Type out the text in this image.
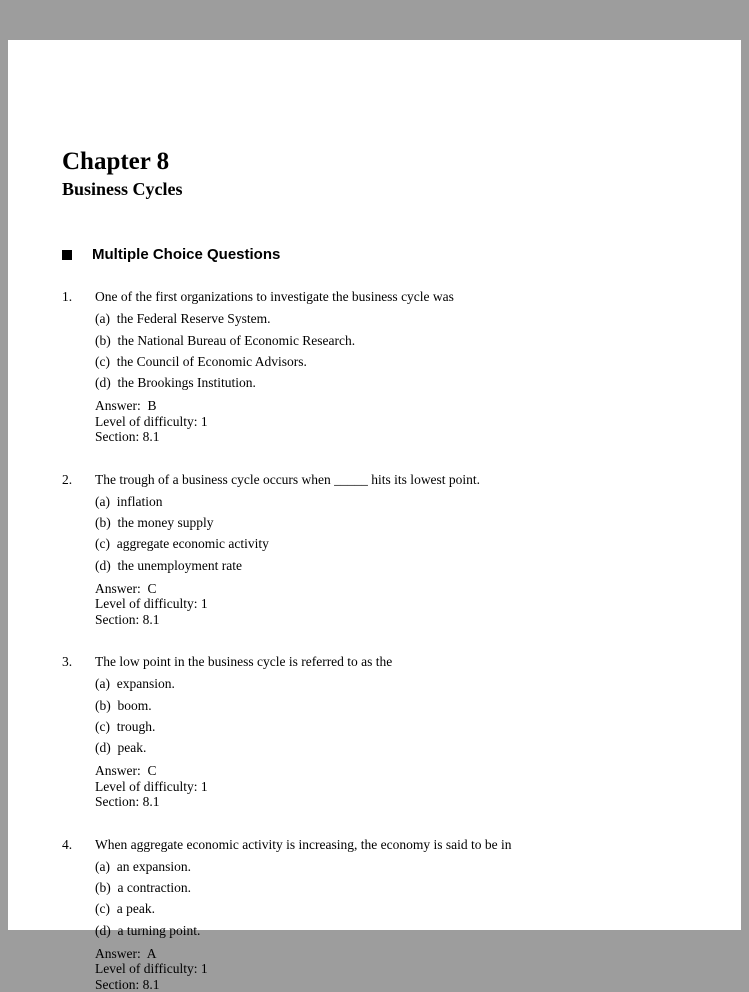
Chapter 8
Business Cycles
Multiple Choice Questions
1.	One of the first organizations to investigate the business cycle was
(a)  the Federal Reserve System.
(b)  the National Bureau of Economic Research.
(c)  the Council of Economic Advisors.
(d)  the Brookings Institution.
Answer:  B
Level of difficulty: 1
Section: 8.1
2.	The trough of a business cycle occurs when _____ hits its lowest point.
(a)  inflation
(b)  the money supply
(c)  aggregate economic activity
(d)  the unemployment rate
Answer:  C
Level of difficulty: 1
Section: 8.1
3.	The low point in the business cycle is referred to as the
(a)  expansion.
(b)  boom.
(c)  trough.
(d)  peak.
Answer:  C
Level of difficulty: 1
Section: 8.1
4.	When aggregate economic activity is increasing, the economy is said to be in
(a)  an expansion.
(b)  a contraction.
(c)  a peak.
(d)  a turning point.
Answer:  A
Level of difficulty: 1
Section: 8.1
